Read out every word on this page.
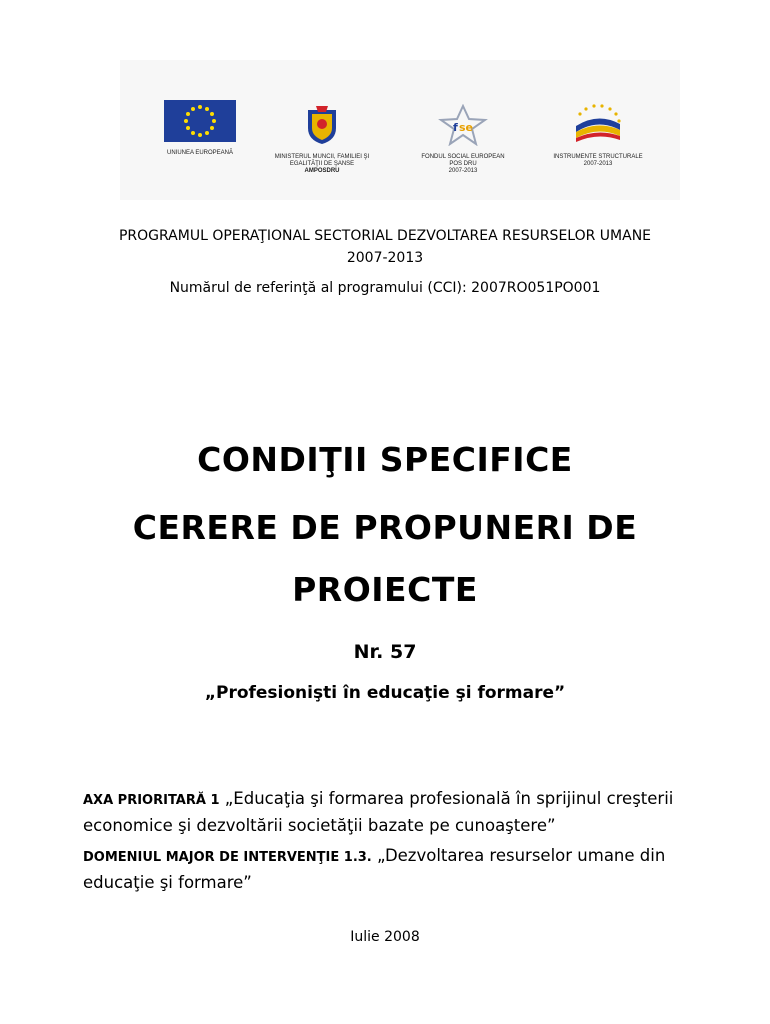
UNIUNEA EUROPEANĂ
MINISTERUL MUNCII, FAMILIEI ŞI
EGALITĂŢII DE ŞANSE
AMPOSDRU
f se
FONDUL SOCIAL EUROPEAN
POS DRU
2007-2013
INSTRUMENTE STRUCTURALE
2007-2013
PROGRAMUL OPERAŢIONAL SECTORIAL DEZVOLTAREA RESURSELOR UMANE
2007-2013
Numărul de referinţă al programului (CCI): 2007RO051PO001
CONDIŢII SPECIFICE
CERERE DE PROPUNERI DE
PROIECTE
Nr. 57
„Profesionişti în educaţie şi formare”
AXA PRIORITARĂ 1 „Educaţia şi formarea profesională în sprijinul creşterii economice şi dezvoltării societăţii bazate pe cunoaştere”
DOMENIUL MAJOR DE INTERVENŢIE 1.3. „Dezvoltarea resurselor umane din educaţie şi formare”
Iulie 2008
